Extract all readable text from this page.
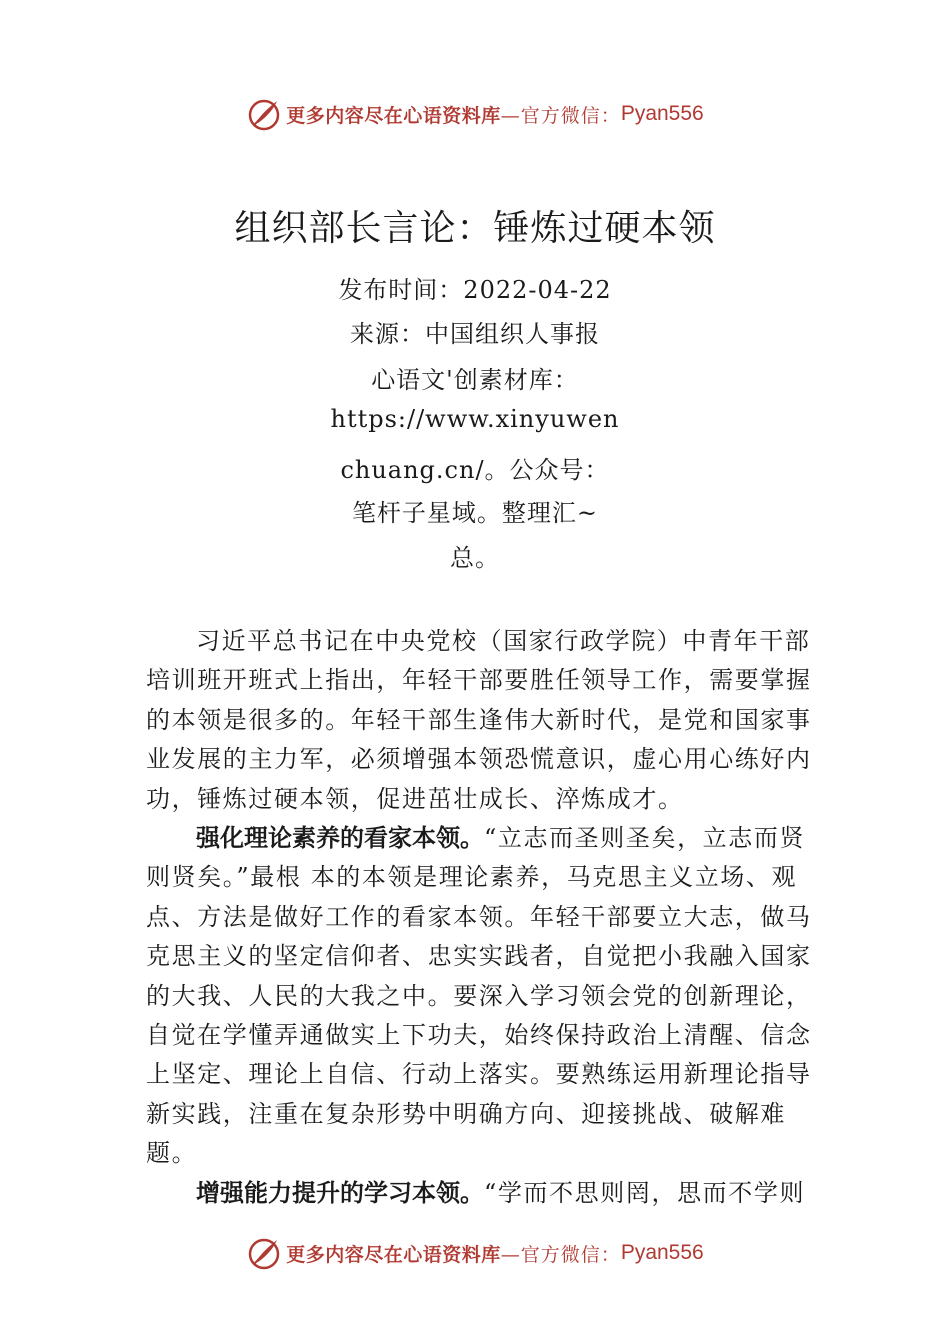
更多内容尽在心语资料库 —官方微信： Pyan556
组织部长言论：锤炼过硬本领
发布时间：2022-04-22
来源：中国组织人事报
心语文'创素材库：
https://www.xinyuwen
chuang.cn/。公众号：
笔杆子星域。整理汇~
总。

习近平总书记在中央党校（国家行政学院）中青年干部培训班开班式上指出，年轻干部要胜任领导工作，需要掌握的本领是很多的。年轻干部生逢伟大新时代，是党和国家事业发展的主力军，必须增强本领恐慌意识，虚心用心练好内功，锤炼过硬本领，促进茁壮成长、淬炼成才。

强化理论素养的看家本领。“立志而圣则圣矣，立志而贤则贤矣。”最根 本的本领是理论素养，马克思主义立场、观点、方法是做好工作的看家本领。年轻干部要立大志，做马克思主义的坚定信仰者、忠实实践者，自觉把小我融入国家的大我、人民的大我之中。要深入学习领会党的创新理论，自觉在学懂弄通做实上下功夫，始终保持政治上清醒、信念上坚定、理论上自信、行动上落实。要熟练运用新理论指导新实践，注重在复杂形势中明确方向、迎接挑战、破解难题。

增强能力提升的学习本领。“学而不思则罔，思而不学则

更多内容尽在心语资料库 —官方微信： Pyan556
